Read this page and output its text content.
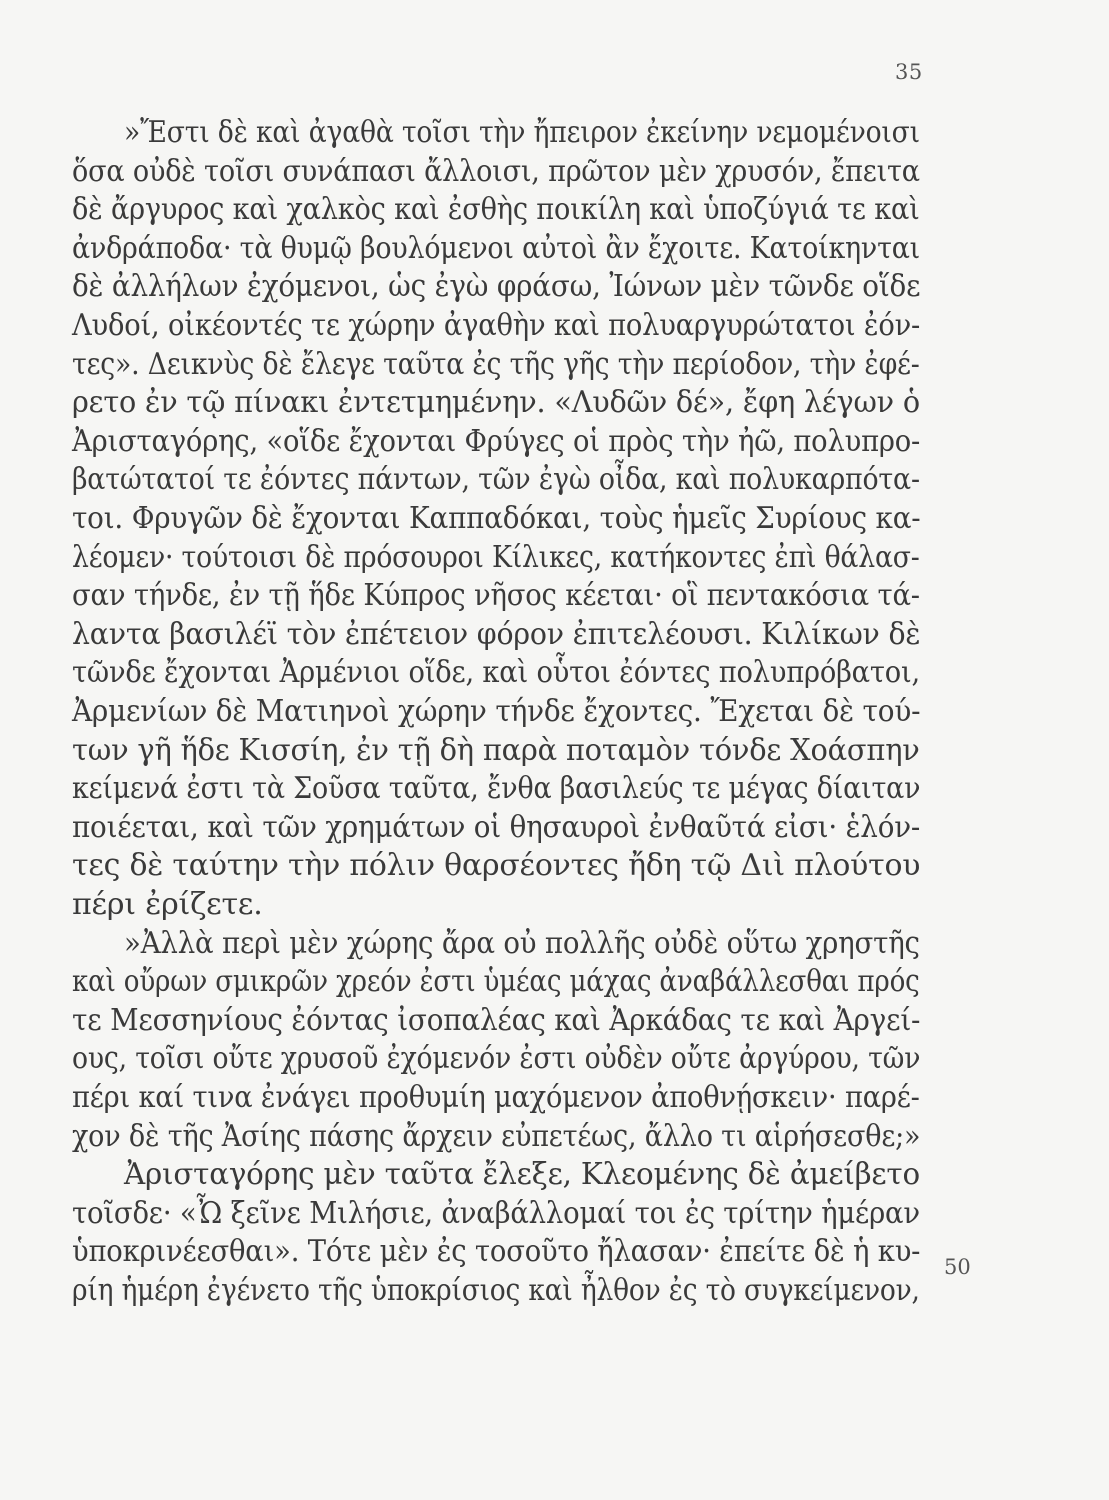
35
»Ἔστι δὲ καὶ ἀγαθὰ τοῖσι τὴν ἤπειρον ἐκείνην νεμομένοισι
ὅσα οὐδὲ τοῖσι συνάπασι ἄλλοισι, πρῶτον μὲν χρυσόν, ἔπειτα
δὲ ἄργυρος καὶ χαλκὸς καὶ ἐσθὴς ποικίλη καὶ ὑποζύγιά τε καὶ
ἀνδράποδα· τὰ θυμῷ βουλόμενοι αὐτοὶ ἂν ἔχοιτε. Κατοίκηνται
δὲ ἀλλήλων ἐχόμενοι, ὡς ἐγὼ φράσω, Ἰώνων μὲν τῶνδε οἵδε
Λυδοί, οἰκέοντές τε χώρην ἀγαθὴν καὶ πολυαργυρώτατοι ἐόν-
τες». Δεικνὺς δὲ ἔλεγε ταῦτα ἐς τῆς γῆς τὴν περίοδον, τὴν ἐφέ-
ρετο ἐν τῷ πίνακι ἐντετμημένην. «Λυδῶν δέ», ἔφη λέγων ὁ
Ἀρισταγόρης, «οἵδε ἔχονται Φρύγες οἱ πρὸς τὴν ἠῶ, πολυπρο-
βατώτατοί τε ἐόντες πάντων, τῶν ἐγὼ οἶδα, καὶ πολυκαρπότα-
τοι. Φρυγῶν δὲ ἔχονται Καππαδόκαι, τοὺς ἡμεῖς Συρίους κα-
λέομεν· τούτοισι δὲ πρόσουροι Κίλικες, κατήκοντες ἐπὶ θάλασ-
σαν τήνδε, ἐν τῇ ἥδε Κύπρος νῆσος κέεται· οἳ πεντακόσια τά-
λαντα βασιλέϊ τὸν ἐπέτειον φόρον ἐπιτελέουσι. Κιλίκων δὲ
τῶνδε ἔχονται Ἀρμένιοι οἵδε, καὶ οὗτοι ἐόντες πολυπρόβατοι,
Ἀρμενίων δὲ Ματιηνοὶ χώρην τήνδε ἔχοντες. Ἔχεται δὲ τού-
των γῆ ἥδε Κισσίη, ἐν τῇ δὴ παρὰ ποταμὸν τόνδε Χοάσπην
κείμενά ἐστι τὰ Σοῦσα ταῦτα, ἔνθα βασιλεύς τε μέγας δίαιταν
ποιέεται, καὶ τῶν χρημάτων οἱ θησαυροὶ ἐνθαῦτά εἰσι· ἑλόν-
τες δὲ ταύτην τὴν πόλιν θαρσέοντες ἤδη τῷ Διὶ πλούτου
πέρι ἐρίζετε.
»Ἀλλὰ περὶ μὲν χώρης ἄρα οὐ πολλῆς οὐδὲ οὕτω χρηστῆς
καὶ οὔρων σμικρῶν χρεόν ἐστι ὑμέας μάχας ἀναβάλλεσθαι πρός
τε Μεσσηνίους ἐόντας ἰσοπαλέας καὶ Ἀρκάδας τε καὶ Ἀργεί-
ους, τοῖσι οὔτε χρυσοῦ ἐχόμενόν ἐστι οὐδὲν οὔτε ἀργύρου, τῶν
πέρι καί τινα ἐνάγει προθυμίη μαχόμενον ἀποθνῄσκειν· παρέ-
χον δὲ τῆς Ἀσίης πάσης ἄρχειν εὐπετέως, ἄλλο τι αἱρήσεσθε;»
Ἀρισταγόρης μὲν ταῦτα ἔλεξε, Κλεομένης δὲ ἀμείβετο
τοῖσδε· «Ὦ ξεῖνε Μιλήσιε, ἀναβάλλομαί τοι ἐς τρίτην ἡμέραν
ὑποκρινέεσθαι». Τότε μὲν ἐς τοσοῦτο ἤλασαν· ἐπείτε δὲ ἡ κυ-
ρίη ἡμέρη ἐγένετο τῆς ὑποκρίσιος καὶ ἦλθον ἐς τὸ συγκείμενον,
50
